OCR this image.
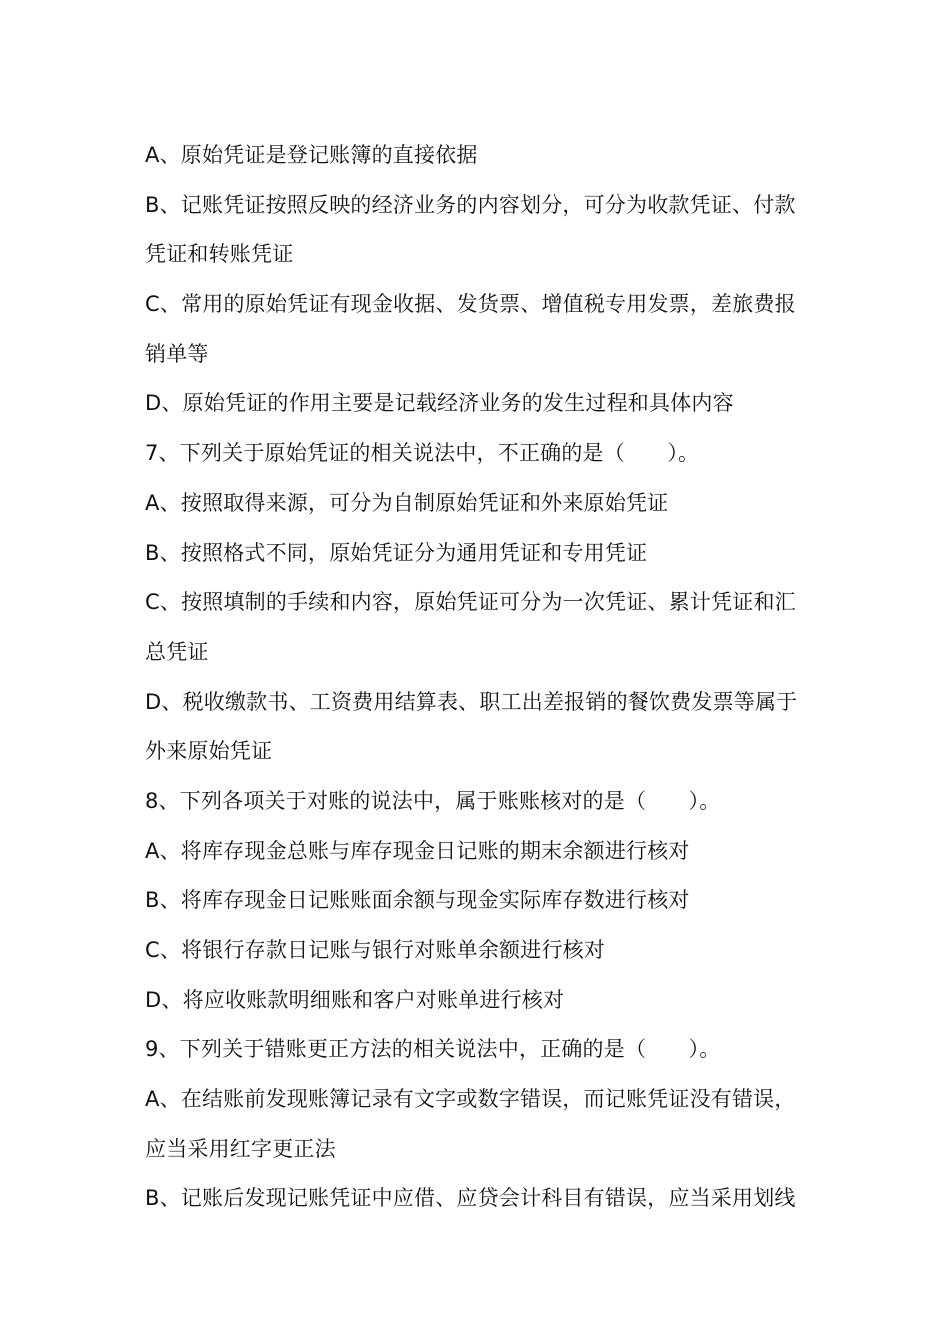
A、原始凭证是登记账簿的直接依据
B、记账凭证按照反映的经济业务的内容划分，可分为收款凭证、付款
凭证和转账凭证
C、常用的原始凭证有现金收据、发货票、增值税专用发票，差旅费报
销单等
D、原始凭证的作用主要是记载经济业务的发生过程和具体内容
7、下列关于原始凭证的相关说法中，不正确的是（　　）。
A、按照取得来源，可分为自制原始凭证和外来原始凭证
B、按照格式不同，原始凭证分为通用凭证和专用凭证
C、按照填制的手续和内容，原始凭证可分为一次凭证、累计凭证和汇
总凭证
D、税收缴款书、工资费用结算表、职工出差报销的餐饮费发票等属于
外来原始凭证
8、下列各项关于对账的说法中，属于账账核对的是（　　）。
A、将库存现金总账与库存现金日记账的期末余额进行核对
B、将库存现金日记账账面余额与现金实际库存数进行核对
C、将银行存款日记账与银行对账单余额进行核对
D、将应收账款明细账和客户对账单进行核对
9、下列关于错账更正方法的相关说法中，正确的是（　　）。
A、在结账前发现账簿记录有文字或数字错误，而记账凭证没有错误，
应当采用红字更正法
B、记账后发现记账凭证中应借、应贷会计科目有错误，应当采用划线
